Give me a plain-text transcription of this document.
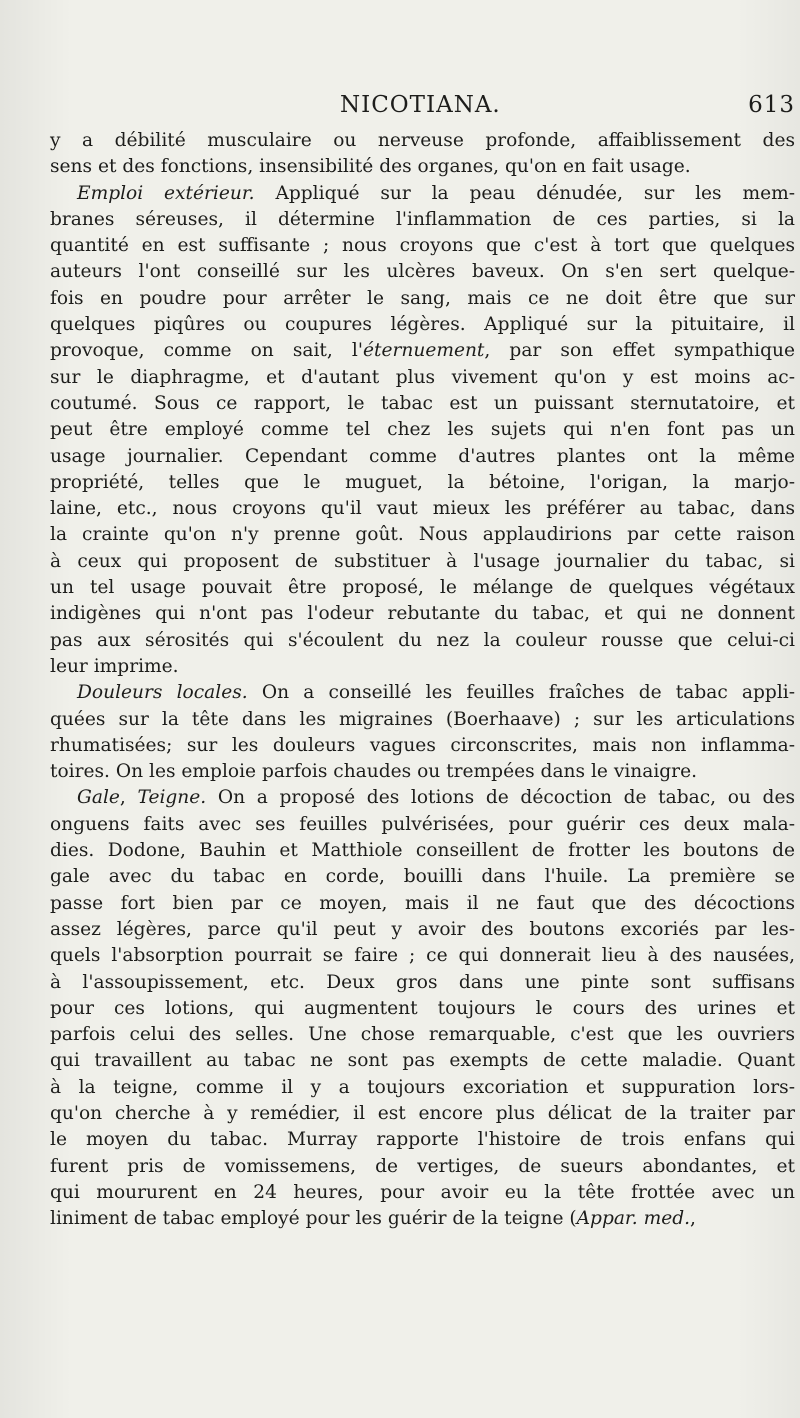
NICOTIANA.	613
y a débilité musculaire ou nerveuse profonde, affaiblissement des
sens et des fonctions, insensibilité des organes, qu'on en fait usage.
Emploi extérieur. Appliqué sur la peau dénudée, sur les mem-
branes séreuses, il détermine l'inflammation de ces parties, si la
quantité en est suffisante ; nous croyons que c'est à tort que quelques
auteurs l'ont conseillé sur les ulcères baveux. On s'en sert quelque-
fois en poudre pour arrêter le sang, mais ce ne doit être que sur
quelques piqûres ou coupures légères. Appliqué sur la pituitaire, il
provoque, comme on sait, l'éternuement, par son effet sympathique
sur le diaphragme, et d'autant plus vivement qu'on y est moins ac-
coutumé. Sous ce rapport, le tabac est un puissant sternutatoire, et
peut être employé comme tel chez les sujets qui n'en font pas un
usage journalier. Cependant comme d'autres plantes ont la même
propriété, telles que le muguet, la bétoine, l'origan, la marjo-
laine, etc., nous croyons qu'il vaut mieux les préférer au tabac, dans
la crainte qu'on n'y prenne goût. Nous applaudirions par cette raison
à ceux qui proposent de substituer à l'usage journalier du tabac, si
un tel usage pouvait être proposé, le mélange de quelques végétaux
indigènes qui n'ont pas l'odeur rebutante du tabac, et qui ne donnent
pas aux sérosités qui s'écoulent du nez la couleur rousse que celui-ci
leur imprime.
Douleurs locales. On a conseillé les feuilles fraîches de tabac appli-
quées sur la tête dans les migraines (Boerhaave) ; sur les articulations
rhumatisées; sur les douleurs vagues circonscrites, mais non inflamma-
toires. On les emploie parfois chaudes ou trempées dans le vinaigre.
Gale, Teigne. On a proposé des lotions de décoction de tabac, ou des
onguens faits avec ses feuilles pulvérisées, pour guérir ces deux mala-
dies. Dodone, Bauhin et Matthiole conseillent de frotter les boutons de
gale avec du tabac en corde, bouilli dans l'huile. La première se
passe fort bien par ce moyen, mais il ne faut que des décoctions
assez légères, parce qu'il peut y avoir des boutons excoriés par les-
quels l'absorption pourrait se faire ; ce qui donnerait lieu à des nausées,
à l'assoupissement, etc. Deux gros dans une pinte sont suffisans
pour ces lotions, qui augmentent toujours le cours des urines et
parfois celui des selles. Une chose remarquable, c'est que les ouvriers
qui travaillent au tabac ne sont pas exempts de cette maladie. Quant
à la teigne, comme il y a toujours excoriation et suppuration lors-
qu'on cherche à y remédier, il est encore plus délicat de la traiter par
le moyen du tabac. Murray rapporte l'histoire de trois enfans qui
furent pris de vomissemens, de vertiges, de sueurs abondantes, et
qui moururent en 24 heures, pour avoir eu la tête frottée avec un
liniment de tabac employé pour les guérir de la teigne (Appar. med.,
